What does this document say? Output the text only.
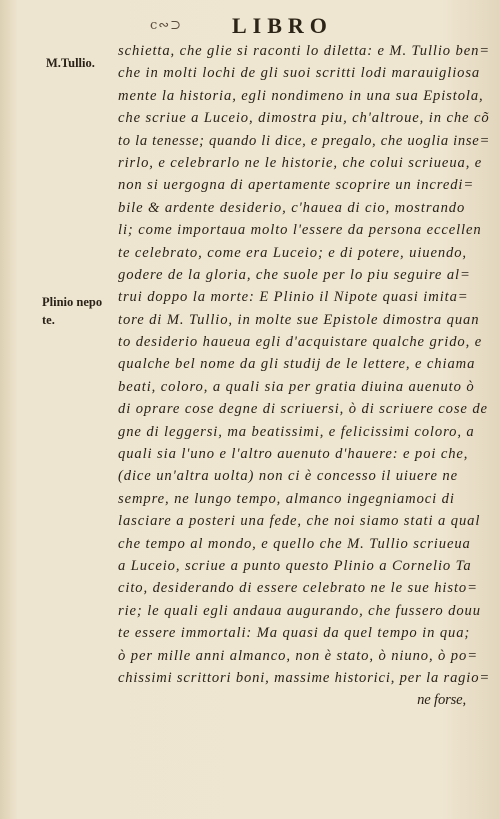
c∾⊃ LIBRO
M.Tullio.
Plinio nepo
te.
schietta, che glie si raconti lo diletta: e M. Tullio ben=
che in molti lochi de gli suoi scritti lodi marauigliosa
mente la historia, egli nondimeno in una sua Epistola,
che scriue a Luceio, dimostra piu, ch'altroue, in che cõ
to la tenesse; quando li dice, e pregalo, che uoglia inse=
rirlo, e celebrarlo ne le historie, che colui scriueua, e
non si uergogna di apertamente scoprire un incredi=
bile & ardente desiderio, c'hauea di cio, mostrando
li; come importaua molto l'essere da persona eccellen
te celebrato, come era Luceio; e di potere, uiuendo,
godere de la gloria, che suole per lo piu seguire al=
trui doppo la morte: E Plinio il Nipote quasi imita=
tore di M. Tullio, in molte sue Epistole dimostra quan
to desiderio haueua egli d'acquistare qualche grido, e
qualche bel nome da gli studij de le lettere, e chiama
beati, coloro, a quali sia per gratia diuina auenuto ò
di oprare cose degne di scriuersi, ò di scriuere cose de
gne di leggersi, ma beatissimi, e felicissimi coloro, a
quali sia l'uno e l'altro auenuto d'hauere: e poi che,
(dice un'altra uolta) non ci è concesso il uiuere ne
sempre, ne lungo tempo, almanco ingegniamoci di
lasciare a posteri una fede, che noi siamo stati a qual
che tempo al mondo, e quello che M. Tullio scriueua
a Luceio, scriue a punto questo Plinio a Cornelio Ta
cito, desiderando di essere celebrato ne le sue histo=
rie; le quali egli andaua augurando, che fussero douu
te essere immortali: Ma quasi da quel tempo in qua;
ò per mille anni almanco, non è stato, ò niuno, ò po=
chissimi scrittori boni, massime historici, per la ragio=
ne forse,
